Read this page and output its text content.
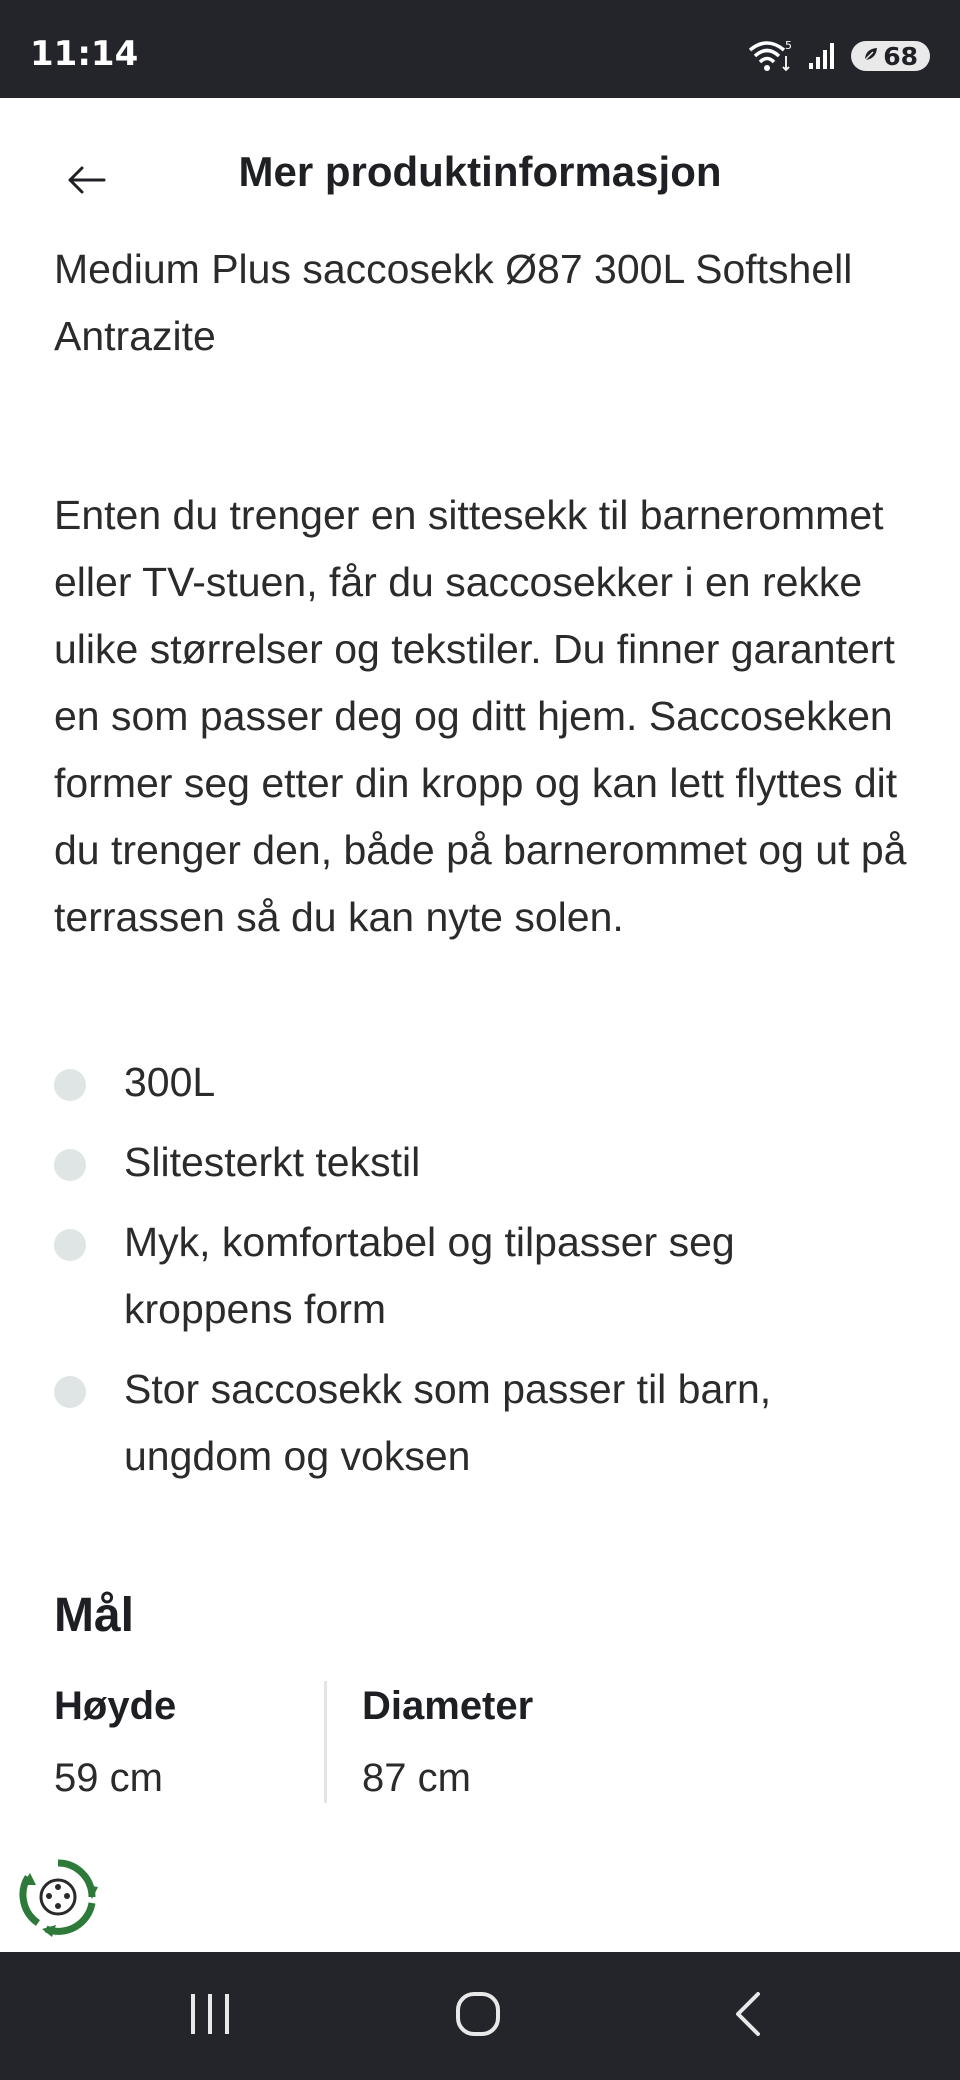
11:14	5	68
Mer produktinformasjon

Medium Plus saccosekk Ø87 300L Softshell Antrazite

Enten du trenger en sittesekk til barnerommet eller TV-stuen, får du saccosekker i en rekke ulike størrelser og tekstiler. Du finner garantert en som passer deg og ditt hjem. Saccosekken former seg etter din kropp og kan lett flyttes dit du trenger den, både på barnerommet og ut på terrassen så du kan nyte solen.
300L
Slitesterkt tekstil
Myk, komfortabel og tilpasser seg kroppens form
Stor saccosekk som passer til barn, ungdom og voksen
Mål
Høyde
59 cm
Diameter
87 cm
